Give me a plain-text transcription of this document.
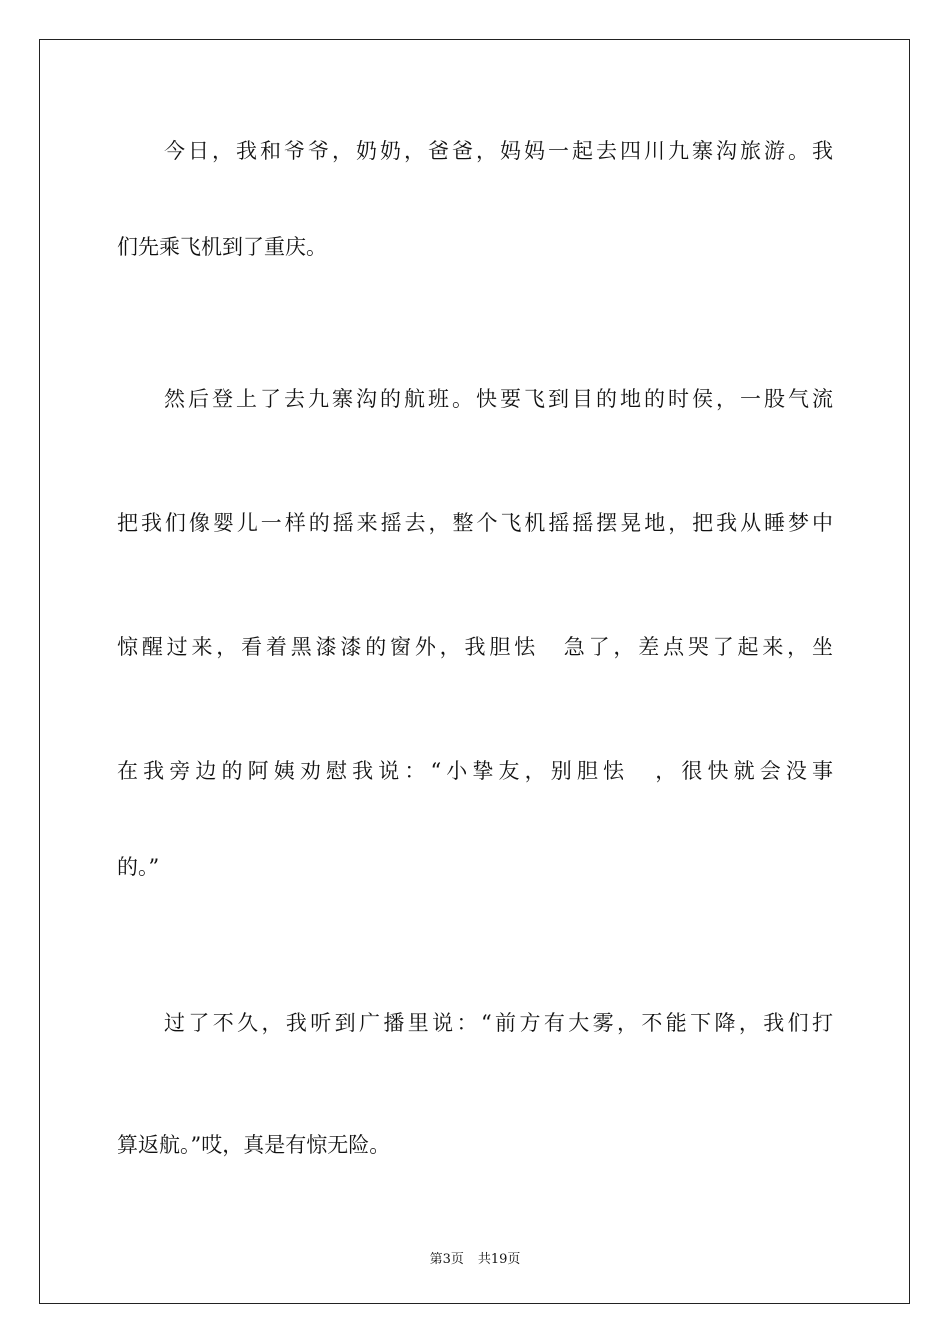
今日，我和爷爷，奶奶，爸爸，妈妈一起去四川九寨沟旅游。我
们先乘飞机到了重庆。
然后登上了去九寨沟的航班。快要飞到目的地的时侯，一股气流
把我们像婴儿一样的摇来摇去，整个飞机摇摇摆晃地，把我从睡梦中
惊醒过来，看着黑漆漆的窗外，我胆怯　急了，差点哭了起来，坐
在我旁边的阿姨劝慰我说：“小挚友，别胆怯　，很快就会没事
的。”
过了不久，我听到广播里说：“前方有大雾，不能下降，我们打
算返航。”哎，真是有惊无险。
第3页 共19页
